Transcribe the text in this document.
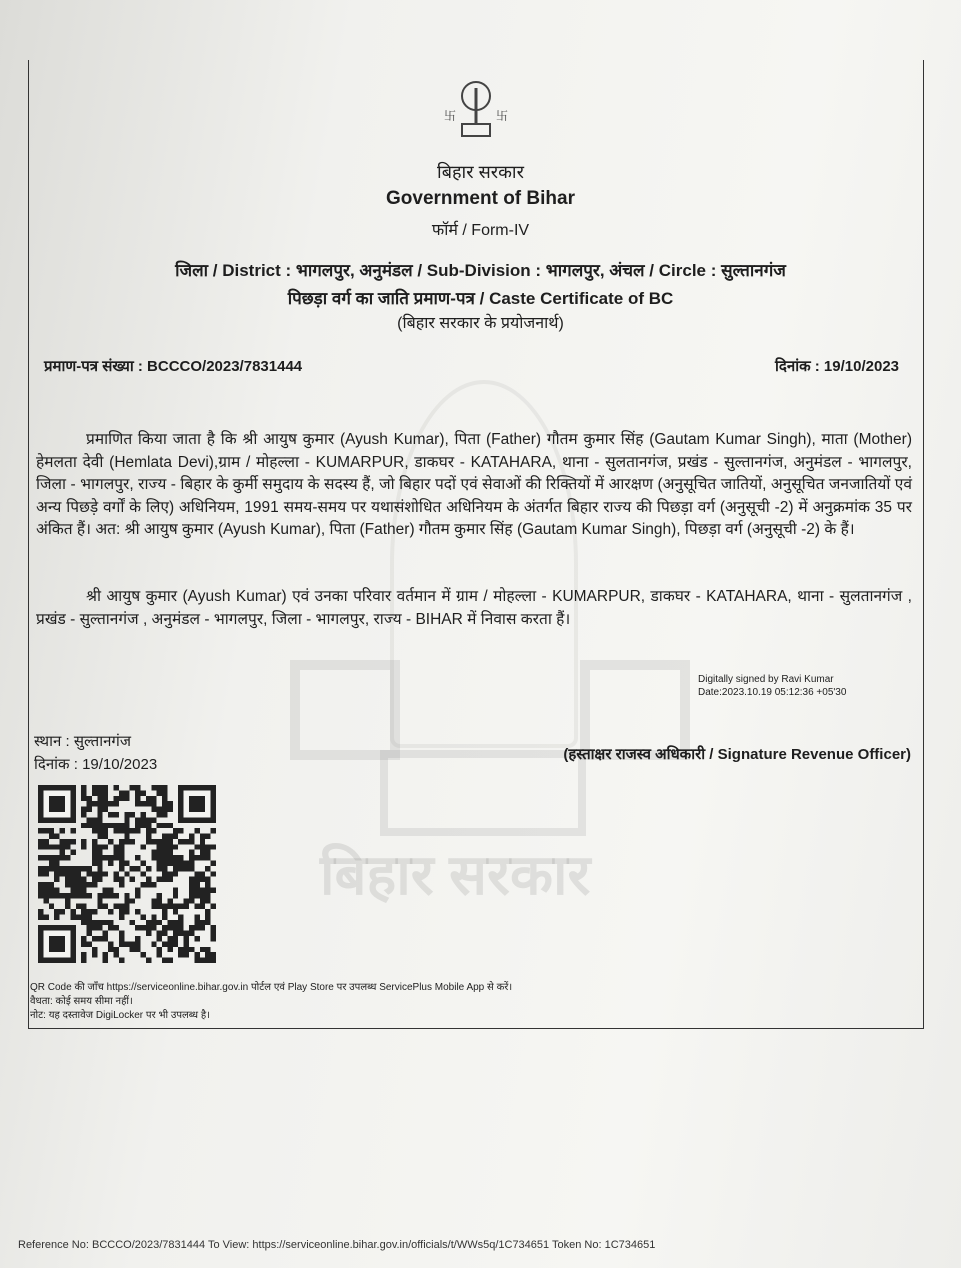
बिहार सरकार
卐	卐
बिहार सरकार
Government of Bihar
फॉर्म / Form-IV
जिला / District : भागलपुर, अनुमंडल / Sub-Division : भागलपुर, अंचल / Circle : सुल्तानगंज
पिछड़ा वर्ग का जाति प्रमाण-पत्र / Caste Certificate of BC
(बिहार सरकार के प्रयोजनार्थ)
प्रमाण-पत्र संख्या : BCCCO/2023/7831444	दिनांक : 19/10/2023
प्रमाणित किया जाता है कि श्री आयुष कुमार (Ayush Kumar), पिता (Father) गौतम कुमार सिंह (Gautam Kumar Singh), माता (Mother) हेमलता देवी (Hemlata Devi),ग्राम / मोहल्ला - KUMARPUR, डाकघर - KATAHARA, थाना - सुलतानगंज, प्रखंड - सुल्तानगंज, अनुमंडल - भागलपुर, जिला - भागलपुर, राज्य - बिहार के कुर्मी समुदाय के सदस्य हैं, जो बिहार पदों एवं सेवाओं की रिक्तियों में आरक्षण (अनुसूचित जातियों, अनुसूचित जनजातियों एवं अन्य पिछड़े वर्गों के लिए) अधिनियम, 1991 समय-समय पर यथासंशोधित अधिनियम के अंतर्गत बिहार राज्य की पिछड़ा वर्ग (अनुसूची -2) में अनुक्रमांक 35 पर अंकित हैं। अत: श्री आयुष कुमार (Ayush Kumar), पिता (Father) गौतम कुमार सिंह (Gautam Kumar Singh), पिछड़ा वर्ग (अनुसूची -2) के हैं।
श्री आयुष कुमार (Ayush Kumar) एवं उनका परिवार वर्तमान में ग्राम / मोहल्ला - KUMARPUR, डाकघर - KATAHARA, थाना - सुलतानगंज , प्रखंड - सुल्तानगंज , अनुमंडल - भागलपुर, जिला - भागलपुर, राज्य - BIHAR में निवास करता हैं।
Digitally signed by Ravi Kumar
Date:2023.10.19 05:12:36 +05'30
स्थान : सुल्तानगंज
दिनांक : 19/10/2023
(हस्ताक्षर राजस्व अधिकारी / Signature Revenue Officer)
QR Code की जाँच https://serviceonline.bihar.gov.in पोर्टल एवं Play Store पर उपलब्ध ServicePlus Mobile App से करें।
वैधता: कोई समय सीमा नहीं।
नोट: यह दस्तावेज DigiLocker पर भी उपलब्ध है।
Reference No: BCCCO/2023/7831444 To View: https://serviceonline.bihar.gov.in/officials/t/WWs5q/1C734651 Token No: 1C734651
